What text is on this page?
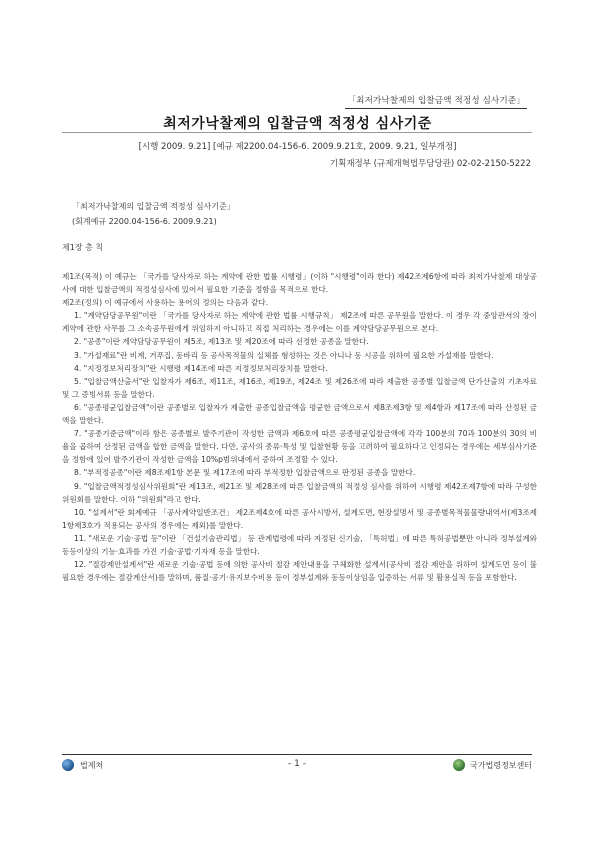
「최저가낙찰제의 입찰금액 적정성 심사기준」
최저가낙찰제의 입찰금액 적정성 심사기준
[시행 2009. 9.21] [예규 제2200.04-156-6. 2009.9.21호, 2009. 9.21, 일부개정]
기획재정부 (규제개혁법무담당관) 02-02-2150-5222
「최저가낙찰제의 입찰금액 적정성 심사기준」
(회계예규 2200.04-156-6. 2009.9.21)
제1장 총 칙

제1조(목적) 이 예규는 「국가를 당사자로 하는 계약에 관한 법률 시행령」(이하 "시행령"이라 한다) 제42조제6항에 따라 최저가낙찰제 대상공사에 대한 입찰금액의 적정성심사에 있어서 필요한 기준을 정함을 목적으로 한다.

제2조(정의) 이 예규에서 사용하는 용어의 정의는 다음과 같다.

1. "계약담당공무원"이란 「국가를 당사자로 하는 계약에 관한 법률 시행규칙」 제2조에 따른 공무원을 말한다. 이 경우 각 중앙관서의 장이 계약에 관한 사무를 그 소속공무원에게 위임하지 아니하고 직접 처리하는 경우에는 이를 계약담당공무원으로 본다.

2. "공종"이란 계약담당공무원이 제5조, 제13조 및 제20조에 따라 선정한 공종을 말한다.

3. "가설재료"란 비계, 거푸집, 동바리 등 공사목적물의 실체를 형성하는 것은 아니나 동 시공을 위하여 필요한 가설재를 말한다.

4. "지정정보처리장치"란 시행령 제14조에 따른 지정정보처리장치를 말한다.

5. "입찰금액산출서"란 입찰자가 제6조, 제11조, 제16조, 제19조, 제24조 및 제26조에 따라 제출한 공종별 입찰금액 단가산출의 기초자료 및 그 증빙서류 등을 말한다.

6. "공종평균입찰금액"이란 공종별로 입찰자가 제출한 공종입찰금액을 평균한 금액으로서 제8조제3항 및 제4항과 제17조에 따라 산정된 금액을 말한다.

7. "공종기준금액"이라 함은 공종별로 발주기관이 작성한 금액과 제6호에 따른 공종평균입찰금액에 각각 100분의 70과 100분의 30의 비율을 곱하여 산정된 금액을 합한 금액을 말한다. 다만, 공사의 종류·특성 및 입찰현황 등을 고려하여 필요하다고 인정되는 경우에는 세부심사기준을 정함에 있어 발주기관이 작성한 금액을 10%p범위내에서 증하여 조정할 수 있다.

8. "부적정공종"이란 제8조제1항 본문 및 제17조에 따라 부적정한 입찰금액으로 판정된 공종을 말한다.

9. "입찰금액적정성심사위원회"란 제13조, 제21조 및 제28조에 따른 입찰금액의 적정성 심사를 위하여 시행령 제42조제7항에 따라 구성한 위원회를 말한다. 이하 "위원회"라고 한다.

10. "설계서"란 회계예규 「공사계약일반조건」 제2조제4호에 따른 공사시방서, 설계도면, 현장설명서 및 공종별목적물물량내역서(제3조제1항제3호가 적용되는 공사의 경우에는 제외)를 말한다.

11. "새로운 기술·공법 등"이란 「건설기술관리법」 등 관계법령에 따라 지정된 신기술, 「특허법」에 따른 특허공법뿐만 아니라 정부설계와 동등이상의 기능·효과를 가진 기술·공법·기자재 등을 말한다.

12. "절감제안설계서"란 새로운 기술·공법 등에 의한 공사비 절감 제안내용을 구체화한 설계서(공사비 절감 제안을 위하여 설계도면 등이 불필요한 경우에는 절감계산서)를 말하며, 품질·공기·유지보수비용 등이 정부설계와 동등이상임을 입증하는 서류 및 활용실적 등을 포함한다.

법제처	- 1 -	국가법령정보센터
